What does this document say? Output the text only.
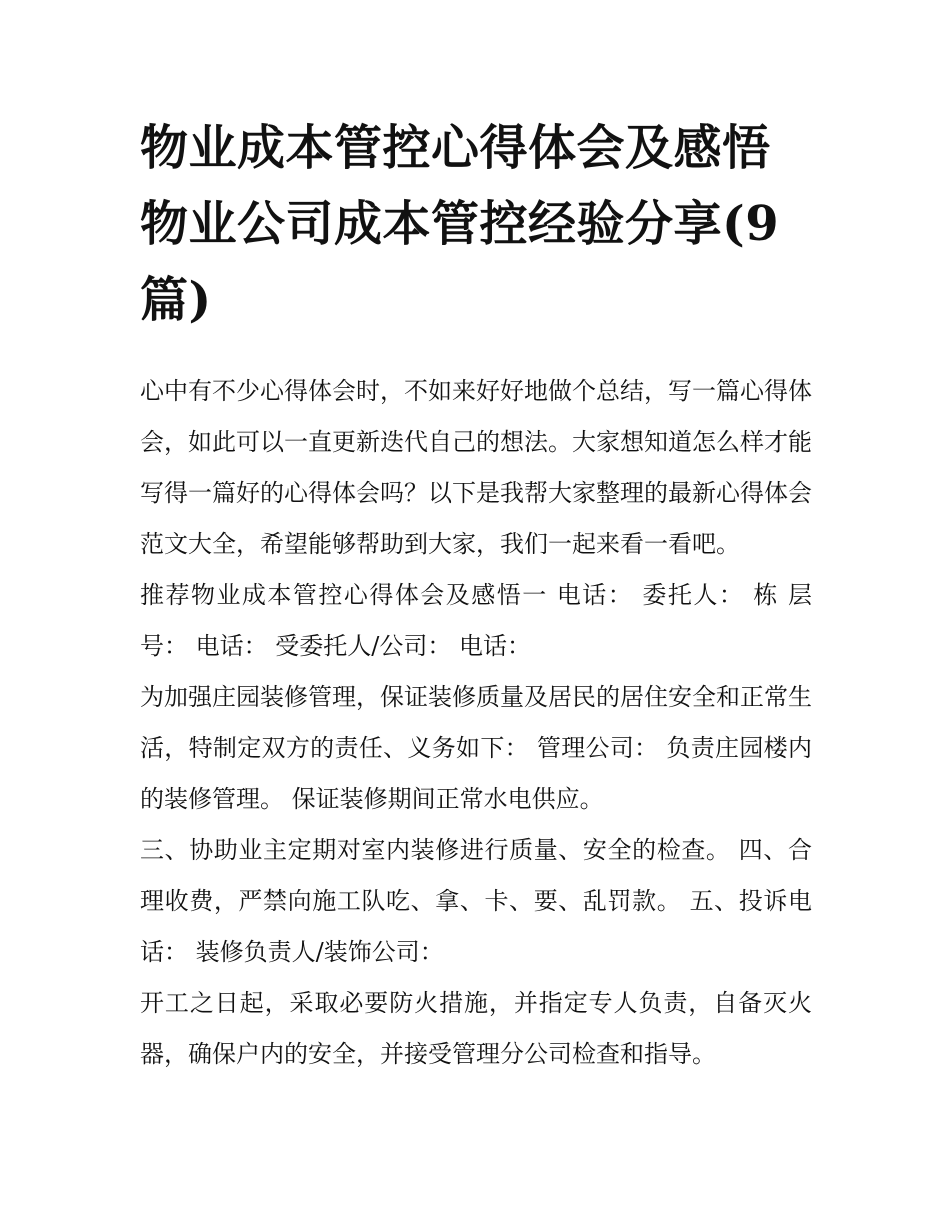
物业成本管控心得体会及感悟物业公司成本管控经验分享(9篇)

心中有不少心得体会时，不如来好好地做个总结，写一篇心得体会，如此可以一直更新迭代自己的想法。大家想知道怎么样才能写得一篇好的心得体会吗？以下是我帮大家整理的最新心得体会范文大全，希望能够帮助到大家，我们一起来看一看吧。

推荐物业成本管控心得体会及感悟一 电话： 委托人： 栋 层号： 电话： 受委托人/公司： 电话：

为加强庄园装修管理，保证装修质量及居民的居住安全和正常生活，特制定双方的责任、义务如下： 管理公司： 负责庄园楼内的装修管理。 保证装修期间正常水电供应。

三、协助业主定期对室内装修进行质量、安全的检查。 四、合理收费，严禁向施工队吃、拿、卡、要、乱罚款。 五、投诉电话： 装修负责人/装饰公司：

开工之日起，采取必要防火措施，并指定专人负责，自备灭火器，确保户内的安全，并接受管理分公司检查和指导。
